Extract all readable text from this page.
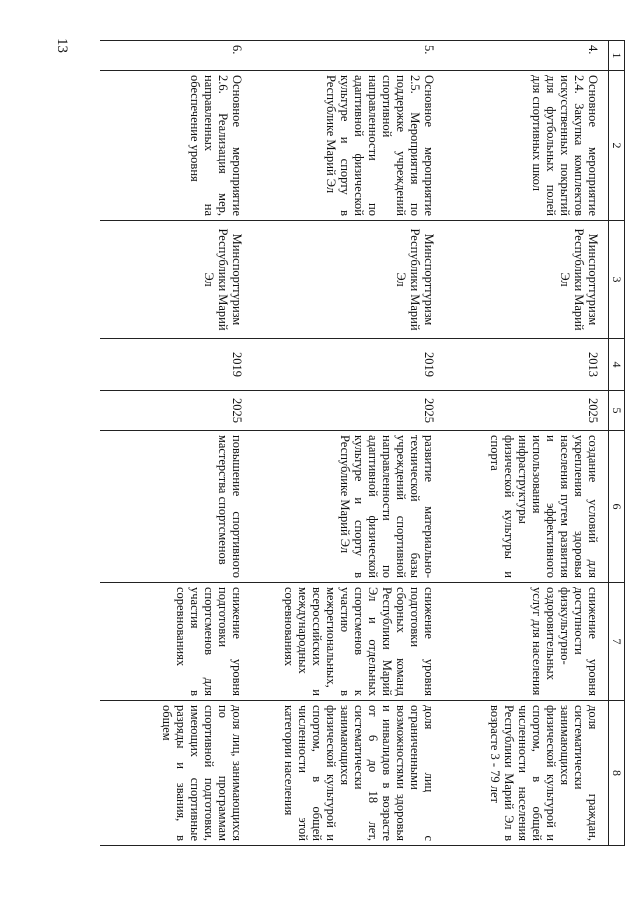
13
1	2	3	4	5	6	7	8
4.	Основное мероприятие 2.4. Закупка комплектов искусственных покрытий для футбольных полей для спортивных школ	Минспорттуризм Республики Марий Эл	2013	2025	создание условий для укрепления здоровья населения путем развития и эффективного использования инфраструктуры физической культуры и спорта	снижение уровня доступности физкультурно-оздоровительных услуг для населения	доля граждан, систематически занимающихся физической культурой и спортом, в общей численности населения Республики Марий Эл в возрасте 3 - 79 лет
5.	Основное мероприятие 2.5. Мероприятия по поддержке учреждений спортивной направленности по адаптивной физической культуре и спорту в Республике Марий Эл	Минспорттуризм Республики Марий Эл	2019	2025	развитие материально-технической базы учреждений спортивной направленности по адаптивной физической культуре и спорту в Республике Марий Эл	снижение уровня подготовки сборных команд Республики Марий Эл и отдельных спортсменов к участию в межрегиональных, всероссийских и международных соревнованиях	доля лиц с ограниченными возможностями здоровья и инвалидов в возрасте от 6 до 18 лет, систематически занимающихся физической культурой и спортом, в общей численности этой категории населения
6.	Основное мероприятие 2.6. Реализация мер, направленных на обеспечение уровня	Минспорттуризм Республики Марий Эл	2019	2025	повышение спортивного мастерства спортсменов	снижение уровня подготовки спортсменов для участия в соревнованиях	доля лиц, занимающихся по программам спортивной подготовки, имеющих спортивные разряды и звания, в общем
